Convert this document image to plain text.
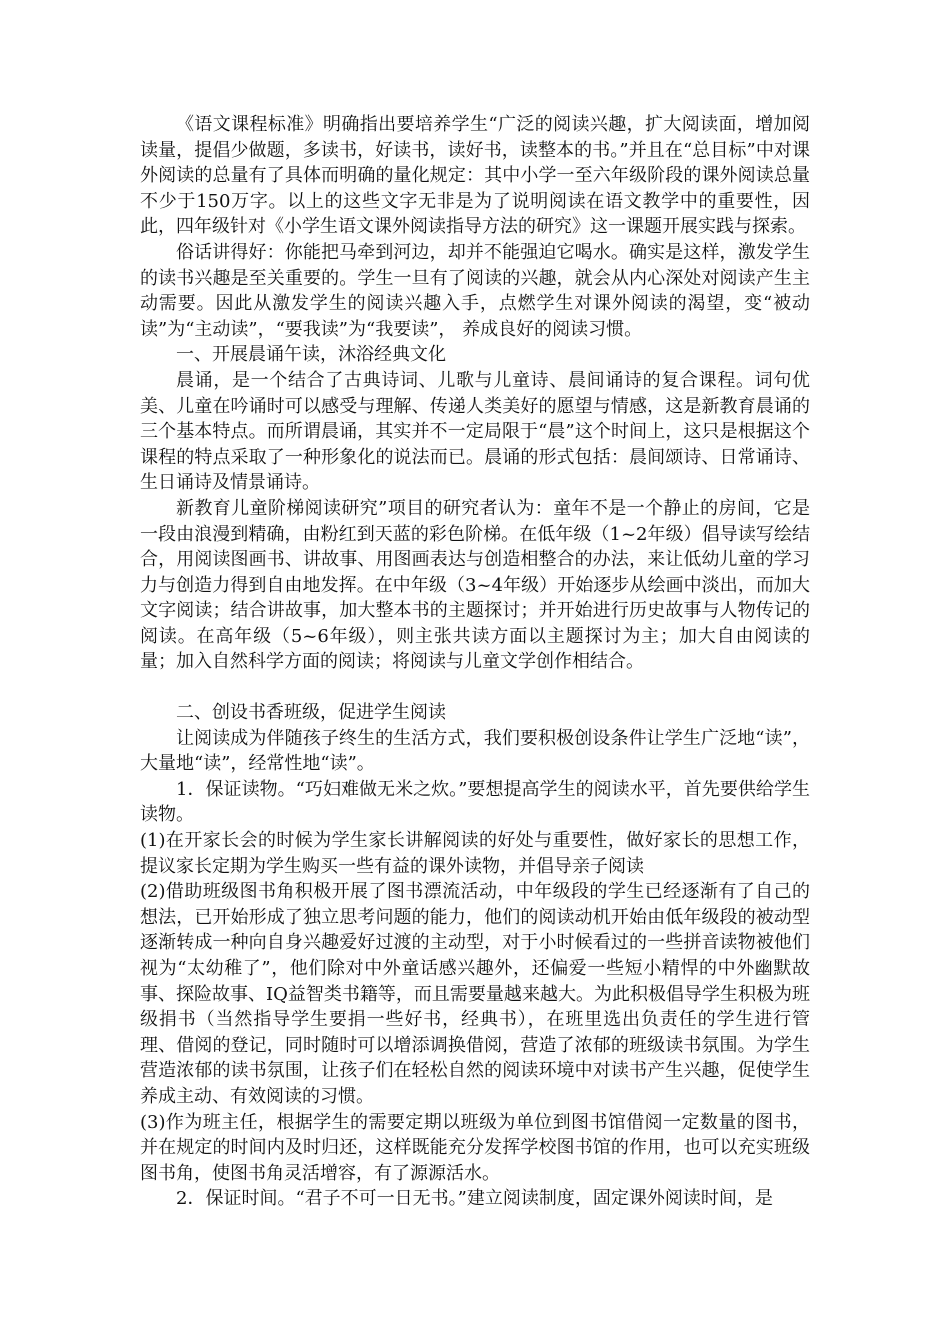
《语文课程标准》明确指出要培养学生“广泛的阅读兴趣，扩大阅读面，增加阅读量，提倡少做题，多读书，好读书，读好书，读整本的书。”并且在“总目标”中对课外阅读的总量有了具体而明确的量化规定：其中小学一至六年级阶段的课外阅读总量不少于150万字。以上的这些文字无非是为了说明阅读在语文教学中的重要性，因此，四年级针对《小学生语文课外阅读指导方法的研究》这一课题开展实践与探索。

俗话讲得好：你能把马牵到河边，却并不能强迫它喝水。确实是这样，激发学生的读书兴趣是至关重要的。学生一旦有了阅读的兴趣，就会从内心深处对阅读产生主动需要。因此从激发学生的阅读兴趣入手，点燃学生对课外阅读的渴望，变“被动读”为“主动读”，“要我读”为“我要读”， 养成良好的阅读习惯。

一、开展晨诵午读，沐浴经典文化

晨诵，是一个结合了古典诗词、儿歌与儿童诗、晨间诵诗的复合课程。词句优美、儿童在吟诵时可以感受与理解、传递人类美好的愿望与情感，这是新教育晨诵的三个基本特点。而所谓晨诵，其实并不一定局限于“晨”这个时间上，这只是根据这个课程的特点采取了一种形象化的说法而已。晨诵的形式包括：晨间颂诗、日常诵诗、生日诵诗及情景诵诗。

新教育儿童阶梯阅读研究”项目的研究者认为：童年不是一个静止的房间，它是一段由浪漫到精确，由粉红到天蓝的彩色阶梯。在低年级（1~2年级）倡导读写绘结合，用阅读图画书、讲故事、用图画表达与创造相整合的办法，来让低幼儿童的学习力与创造力得到自由地发挥。在中年级（3~4年级）开始逐步从绘画中淡出，而加大文字阅读；结合讲故事，加大整本书的主题探讨；并开始进行历史故事与人物传记的阅读。在高年级（5~6年级），则主张共读方面以主题探讨为主；加大自由阅读的量；加入自然科学方面的阅读；将阅读与儿童文学创作相结合。

二、创设书香班级，促进学生阅读

让阅读成为伴随孩子终生的生活方式，我们要积极创设条件让学生广泛地“读”，大量地“读”，经常性地“读”。

1．保证读物。“巧妇难做无米之炊。”要想提高学生的阅读水平，首先要供给学生读物。

(1)在开家长会的时候为学生家长讲解阅读的好处与重要性，做好家长的思想工作，提议家长定期为学生购买一些有益的课外读物，并倡导亲子阅读

(2)借助班级图书角积极开展了图书漂流活动，中年级段的学生已经逐渐有了自己的想法，已开始形成了独立思考问题的能力，他们的阅读动机开始由低年级段的被动型逐渐转成一种向自身兴趣爱好过渡的主动型，对于小时候看过的一些拼音读物被他们视为“太幼稚了”，他们除对中外童话感兴趣外，还偏爱一些短小精悍的中外幽默故事、探险故事、IQ益智类书籍等，而且需要量越来越大。为此积极倡导学生积极为班级捐书（当然指导学生要捐一些好书，经典书），在班里选出负责任的学生进行管理、借阅的登记，同时随时可以增添调换借阅，营造了浓郁的班级读书氛围。为学生营造浓郁的读书氛围，让孩子们在轻松自然的阅读环境中对读书产生兴趣，促使学生养成主动、有效阅读的习惯。

(3)作为班主任，根据学生的需要定期以班级为单位到图书馆借阅一定数量的图书，并在规定的时间内及时归还，这样既能充分发挥学校图书馆的作用，也可以充实班级图书角，使图书角灵活增容，有了源源活水。

2．保证时间。“君子不可一日无书。”建立阅读制度，固定课外阅读时间，是
